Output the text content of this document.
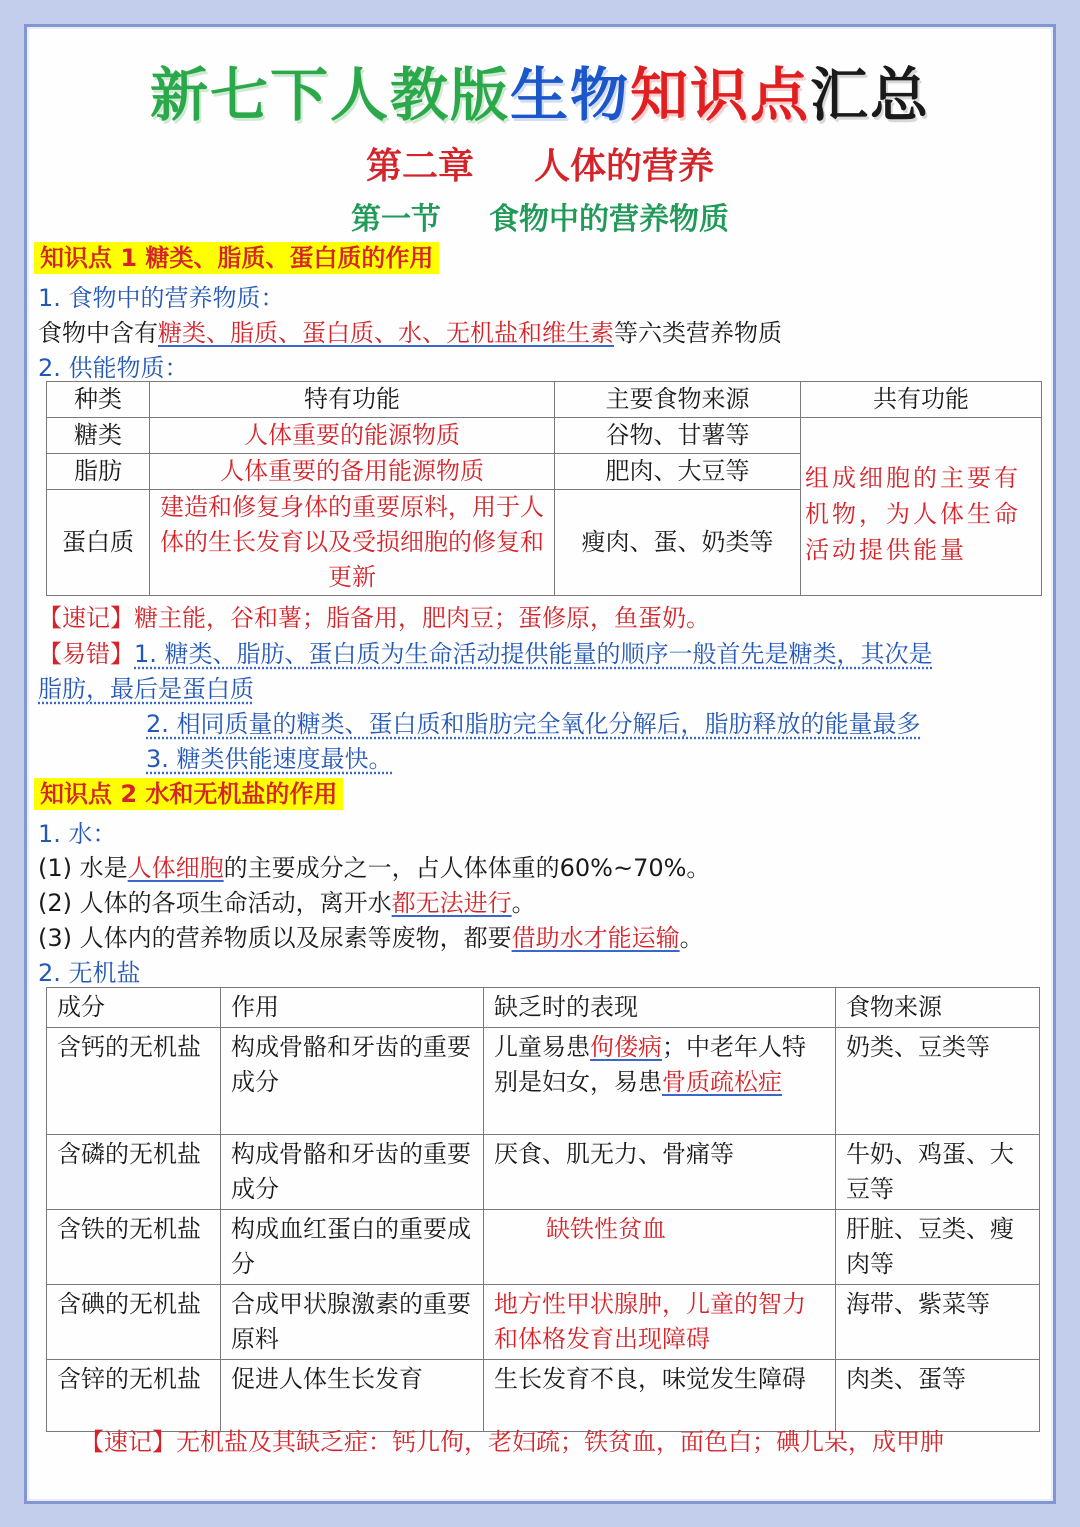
新七下人教版生物知识点汇总
第二章 人体的营养
第一节 食物中的营养物质
知识点 1 糖类、脂质、蛋白质的作用
1. 食物中的营养物质：
食物中含有糖类、脂质、蛋白质、水、无机盐和维生素等六类营养物质
2. 供能物质：
种类	特有功能	主要食物来源	共有功能
糖类	人体重要的能源物质	谷物、甘薯等	组成细胞的主要有机物，为人体生命活动提供能量
脂肪	人体重要的备用能源物质	肥肉、大豆等	
蛋白质	建造和修复身体的重要原料，用于人体的生长发育以及受损细胞的修复和更新	瘦肉、蛋、奶类等	
【速记】糖主能，谷和薯；脂备用，肥肉豆；蛋修原，鱼蛋奶。
【易错】1. 糖类、脂肪、蛋白质为生命活动提供能量的顺序一般首先是糖类，其次是
脂肪，最后是蛋白质
2. 相同质量的糖类、蛋白质和脂肪完全氧化分解后，脂肪释放的能量最多
3. 糖类供能速度最快。
知识点 2 水和无机盐的作用
1. 水：
(1) 水是人体细胞的主要成分之一，占人体体重的60%~70%。
(2) 人体的各项生命活动，离开水都无法进行。
(3) 人体内的营养物质以及尿素等废物，都要借助水才能运输。
2. 无机盐
成分	作用	缺乏时的表现	食物来源
含钙的无机盐	构成骨骼和牙齿的重要成分	儿童易患佝偻病；中老年人特别是妇女，易患骨质疏松症	奶类、豆类等
含磷的无机盐	构成骨骼和牙齿的重要成分	厌食、肌无力、骨痛等	牛奶、鸡蛋、大豆等
含铁的无机盐	构成血红蛋白的重要成分	缺铁性贫血	肝脏、豆类、瘦肉等
含碘的无机盐	合成甲状腺激素的重要原料	地方性甲状腺肿，儿童的智力和体格发育出现障碍	海带、紫菜等
含锌的无机盐	促进人体生长发育	生长发育不良，味觉发生障碍	肉类、蛋等
【速记】无机盐及其缺乏症：钙儿佝，老妇疏；铁贫血，面色白；碘儿呆，成甲肿
